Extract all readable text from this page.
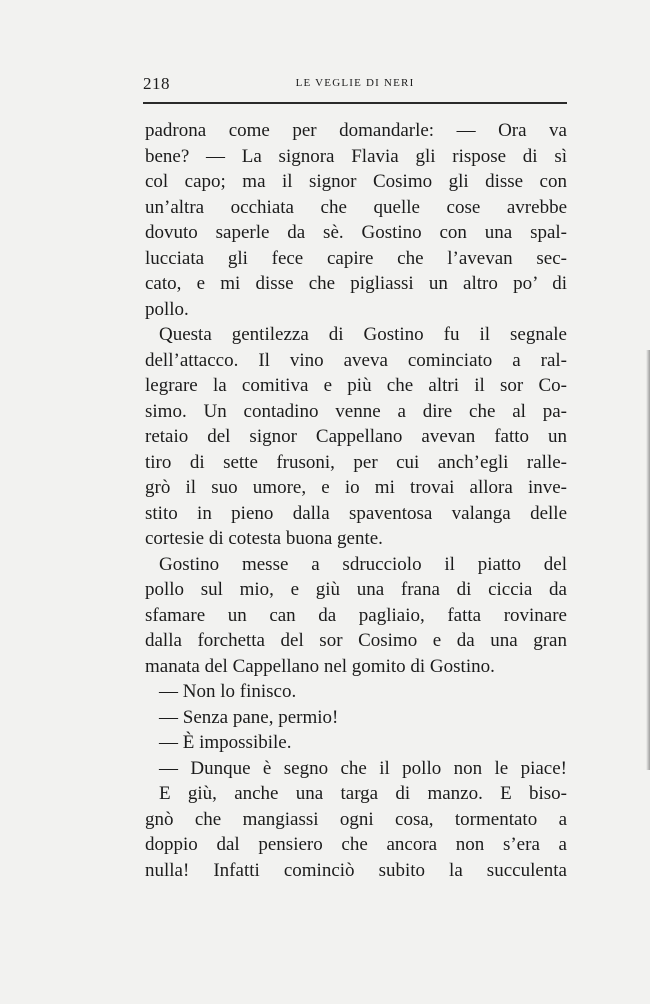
218	LE VEGLIE DI NERI
padrona come per domandarle: — Ora va
bene? — La signora Flavia gli rispose di sì
col capo; ma il signor Cosimo gli disse con
un’altra occhiata che quelle cose avrebbe
dovuto saperle da sè. Gostino con una spal-
lucciata gli fece capire che l’avevan sec-
cato, e mi disse che pigliassi un altro po’ di
pollo.
Questa gentilezza di Gostino fu il segnale
dell’attacco. Il vino aveva cominciato a ral-
legrare la comitiva e più che altri il sor Co-
simo. Un contadino venne a dire che al pa-
retaio del signor Cappellano avevan fatto un
tiro di sette frusoni, per cui anch’egli ralle-
grò il suo umore, e io mi trovai allora inve-
stito in pieno dalla spaventosa valanga delle
cortesie di cotesta buona gente.
Gostino messe a sdrucciolo il piatto del
pollo sul mio, e giù una frana di ciccia da
sfamare un can da pagliaio, fatta rovinare
dalla forchetta del sor Cosimo e da una gran
manata del Cappellano nel gomito di Gostino.
— Non lo finisco.
— Senza pane, permio!
— È impossibile.
— Dunque è segno che il pollo non le piace!
E giù, anche una targa di manzo. E biso-
gnò che mangiassi ogni cosa, tormentato a
doppio dal pensiero che ancora non s’era a
nulla! Infatti cominciò subito la succulenta
